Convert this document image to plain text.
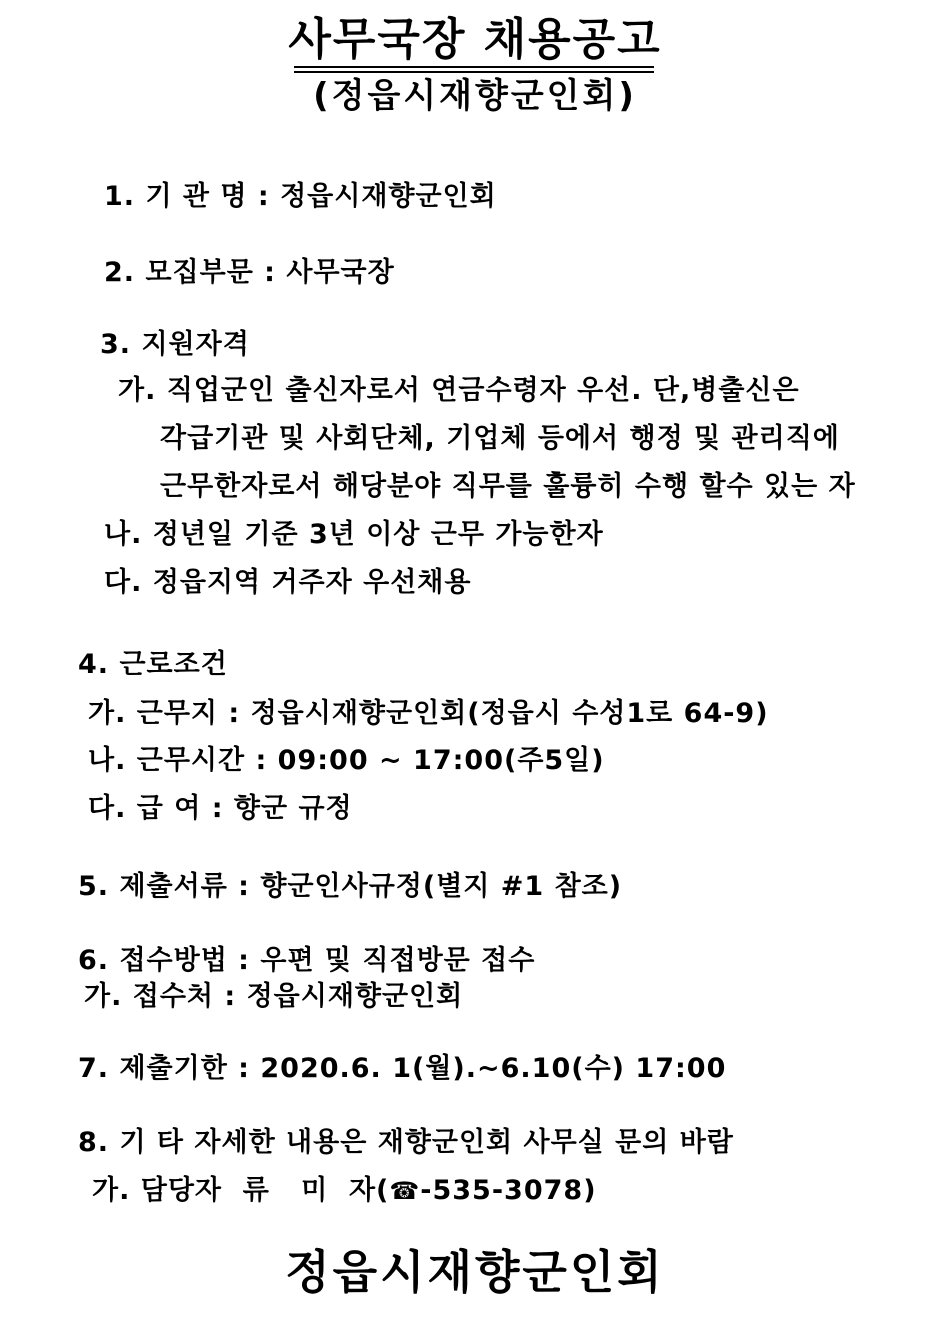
사무국장 채용공고
(정읍시재향군인회)
1. 기 관 명 : 정읍시재향군인회
2. 모집부문 : 사무국장
3. 지원자격
가. 직업군인 출신자로서 연금수령자 우선. 단,병출신은
각급기관 및 사회단체, 기업체 등에서 행정 및 관리직에
근무한자로서 해당분야 직무를 훌륭히 수행 할수 있는 자
나. 정년일 기준 3년 이상 근무 가능한자
다. 정읍지역 거주자 우선채용
4. 근로조건
가. 근무지 : 정읍시재향군인회(정읍시 수성1로 64-9)
나. 근무시간 : 09:00 ~ 17:00(주5일)
다. 급 여 : 향군 규정
5. 제출서류 : 향군인사규정(별지 #1 참조)
6. 접수방법 : 우편 및 직접방문 접수
가. 접수처 : 정읍시재향군인회
7. 제출기한 : 2020.6. 1(월).~6.10(수) 17:00
8. 기 타 자세한 내용은 재향군인회 사무실 문의 바람
가. 담당자  류   미  자(☎-535-3078)
정읍시재향군인회
